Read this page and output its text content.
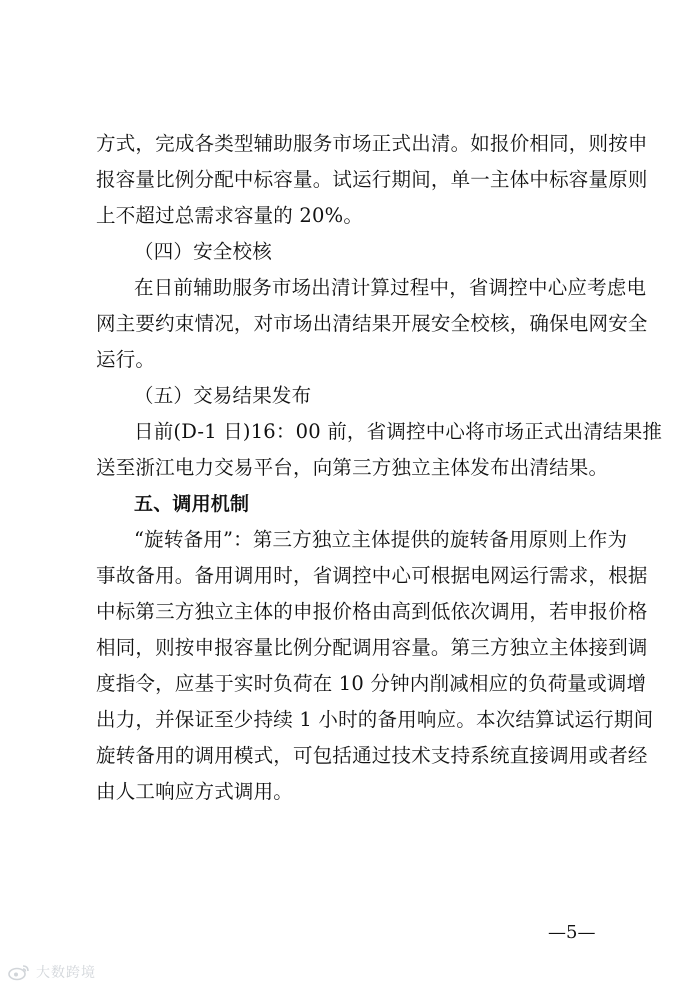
方式，完成各类型辅助服务市场正式出清。如报价相同，则按申
报容量比例分配中标容量。试运行期间，单一主体中标容量原则
上不超过总需求容量的 20%。
（四）安全校核
在日前辅助服务市场出清计算过程中，省调控中心应考虑电
网主要约束情况，对市场出清结果开展安全校核，确保电网安全
运行。
（五）交易结果发布
日前(D-1 日)16：00 前，省调控中心将市场正式出清结果推
送至浙江电力交易平台，向第三方独立主体发布出清结果。
五、调用机制
“旋转备用”：第三方独立主体提供的旋转备用原则上作为
事故备用。备用调用时，省调控中心可根据电网运行需求，根据
中标第三方独立主体的申报价格由高到低依次调用，若申报价格
相同，则按申报容量比例分配调用容量。第三方独立主体接到调
度指令，应基于实时负荷在 10 分钟内削减相应的负荷量或调增
出力，并保证至少持续 1 小时的备用响应。本次结算试运行期间
旋转备用的调用模式，可包括通过技术支持系统直接调用或者经
由人工响应方式调用。
—5—
大数跨境
